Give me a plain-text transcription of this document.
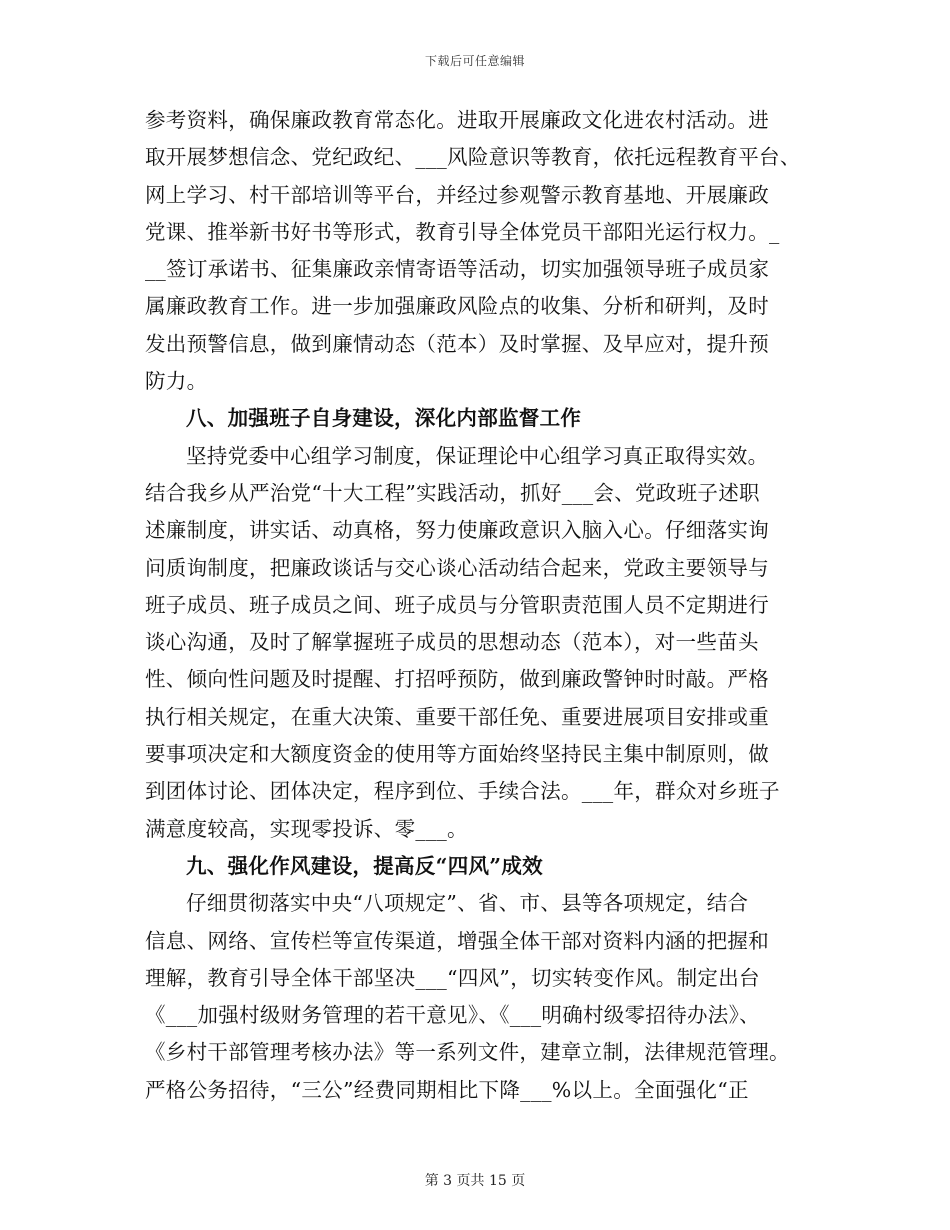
下载后可任意编辑
参考资料，确保廉政教育常态化。进取开展廉政文化进农村活动。进
取开展梦想信念、党纪政纪、___风险意识等教育，依托远程教育平台、
网上学习、村干部培训等平台，并经过参观警示教育基地、开展廉政
党课、推举新书好书等形式，教育引导全体党员干部阳光运行权力。_
__签订承诺书、征集廉政亲情寄语等活动，切实加强领导班子成员家
属廉政教育工作。进一步加强廉政风险点的收集、分析和研判，及时
发出预警信息，做到廉情动态（范本）及时掌握、及早应对，提升预
防力。
八、加强班子自身建设，深化内部监督工作
坚持党委中心组学习制度，保证理论中心组学习真正取得实效。
结合我乡从严治党“十大工程”实践活动，抓好___会、党政班子述职
述廉制度，讲实话、动真格，努力使廉政意识入脑入心。仔细落实询
问质询制度，把廉政谈话与交心谈心活动结合起来，党政主要领导与
班子成员、班子成员之间、班子成员与分管职责范围人员不定期进行
谈心沟通，及时了解掌握班子成员的思想动态（范本），对一些苗头
性、倾向性问题及时提醒、打招呼预防，做到廉政警钟时时敲。严格
执行相关规定，在重大决策、重要干部任免、重要进展项目安排或重
要事项决定和大额度资金的使用等方面始终坚持民主集中制原则，做
到团体讨论、团体决定，程序到位、手续合法。___年，群众对乡班子
满意度较高，实现零投诉、零___。
九、强化作风建设，提高反“四风”成效
仔细贯彻落实中央“八项规定”、省、市、县等各项规定，结合
信息、网络、宣传栏等宣传渠道，增强全体干部对资料内涵的把握和
理解，教育引导全体干部坚决___“四风”，切实转变作风。制定出台
《___加强村级财务管理的若干意见》、《___明确村级零招待办法》、
《乡村干部管理考核办法》等一系列文件，建章立制，法律规范管理。
严格公务招待，“三公”经费同期相比下降___%以上。全面强化“正
第 3 页共 15 页
